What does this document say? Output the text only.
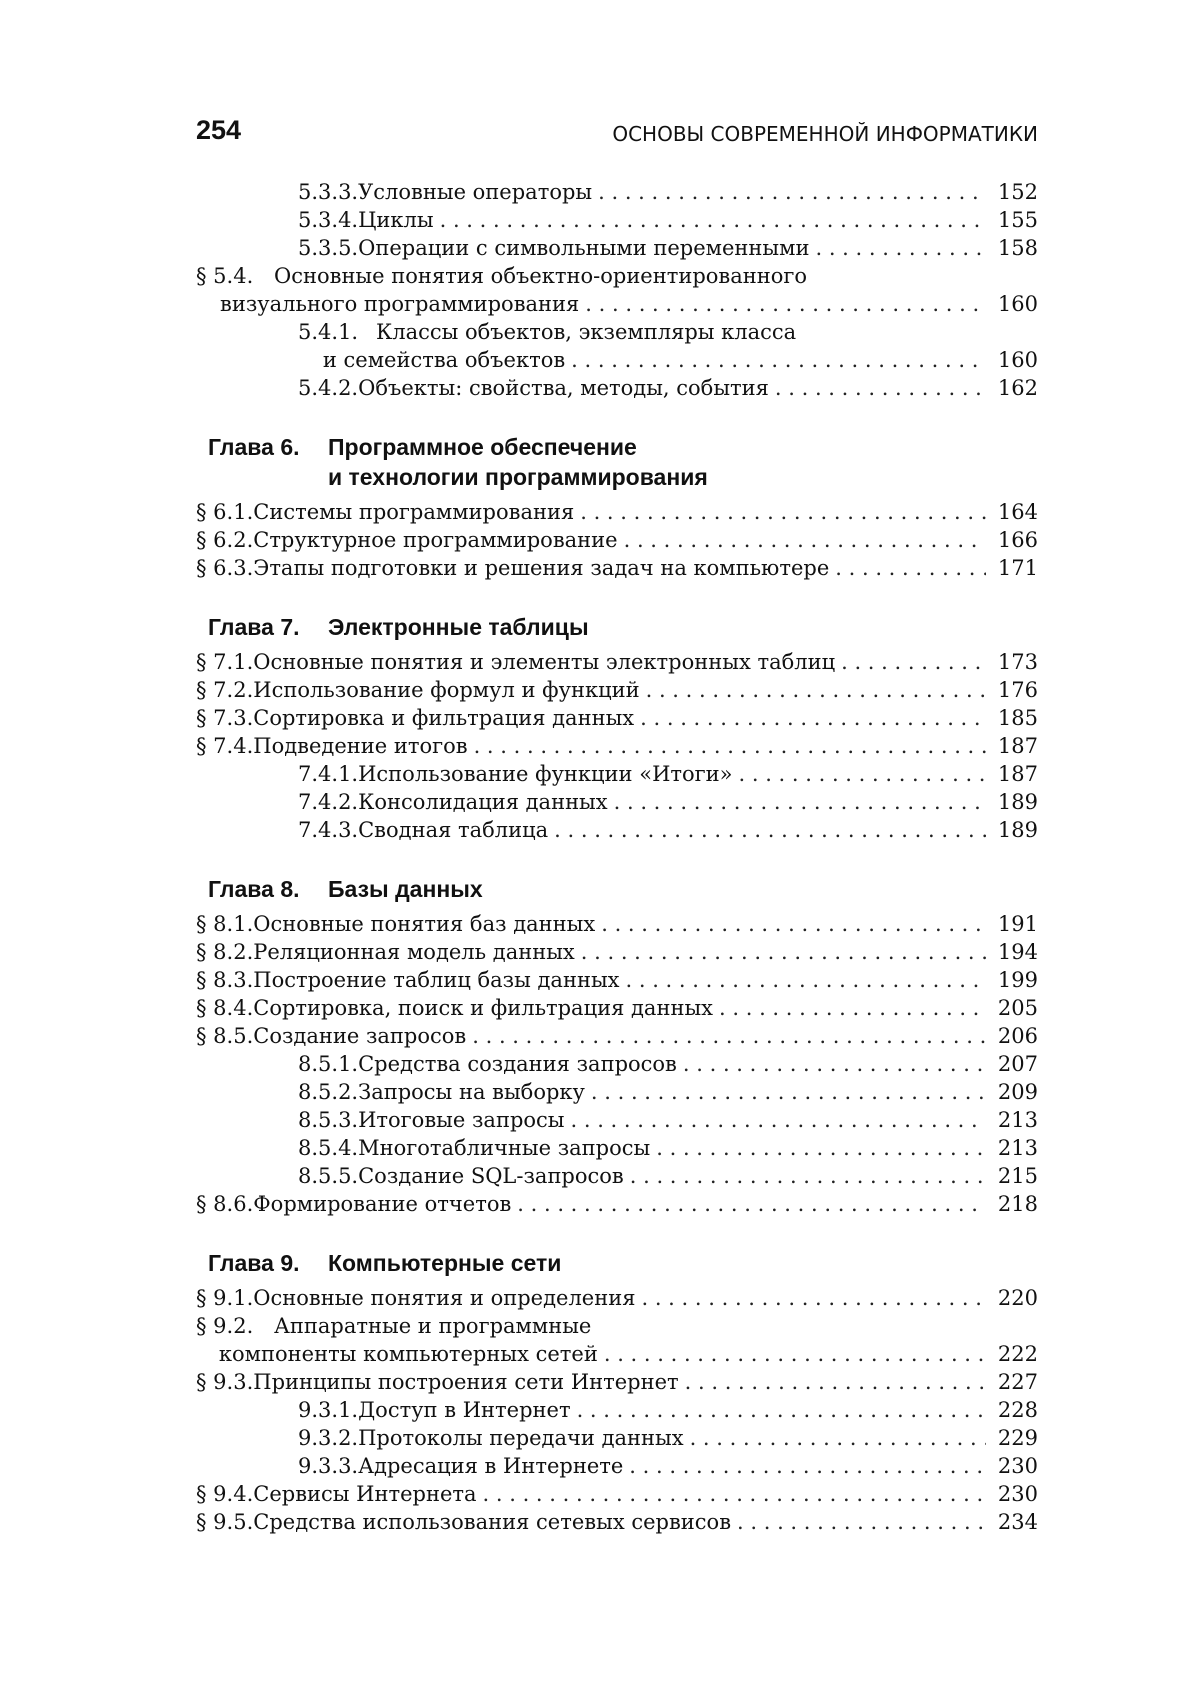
254	ОСНОВЫ СОВРЕМЕННОЙ ИНФОРМАТИКИ
5.3.3. Условные операторы . . .	152
5.3.4. Циклы . . .	155
5.3.5. Операции с символьными переменными . . .	158
§ 5.4. Основные понятия объектно-ориентированного
визуального программирования . . .	160
5.4.1. Классы объектов, экземпляры класса
и семейства объектов . . .	160
5.4.2. Объекты: свойства, методы, события . . .	162
Глава 6.	Программное обеспечение
и технологии программирования
§ 6.1. Системы программирования . . .	164
§ 6.2. Структурное программирование . . .	166
§ 6.3. Этапы подготовки и решения задач на компьютере . . .	171
Глава 7.	Электронные таблицы
§ 7.1. Основные понятия и элементы электронных таблиц . . .	173
§ 7.2. Использование формул и функций . . .	176
§ 7.3. Сортировка и фильтрация данных . . .	185
§ 7.4. Подведение итогов . . .	187
7.4.1. Использование функции «Итоги» . . .	187
7.4.2. Консолидация данных . . .	189
7.4.3. Сводная таблица . . .	189
Глава 8.	Базы данных
§ 8.1. Основные понятия баз данных . . .	191
§ 8.2. Реляционная модель данных . . .	194
§ 8.3. Построение таблиц базы данных . . .	199
§ 8.4. Сортировка, поиск и фильтрация данных . . .	205
§ 8.5. Создание запросов . . .	206
8.5.1. Средства создания запросов . . .	207
8.5.2. Запросы на выборку . . .	209
8.5.3. Итоговые запросы . . .	213
8.5.4. Многотабличные запросы . . .	213
8.5.5. Создание SQL-запросов . . .	215
§ 8.6. Формирование отчетов . . .	218
Глава 9.	Компьютерные сети
§ 9.1. Основные понятия и определения . . .	220
§ 9.2. Аппаратные и программные
компоненты компьютерных сетей . . .	222
§ 9.3. Принципы построения сети Интернет . . .	227
9.3.1. Доступ в Интернет . . .	228
9.3.2. Протоколы передачи данных . . .	229
9.3.3. Адресация в Интернете . . .	230
§ 9.4. Сервисы Интернета . . .	230
§ 9.5. Средства использования сетевых сервисов . . .	234
